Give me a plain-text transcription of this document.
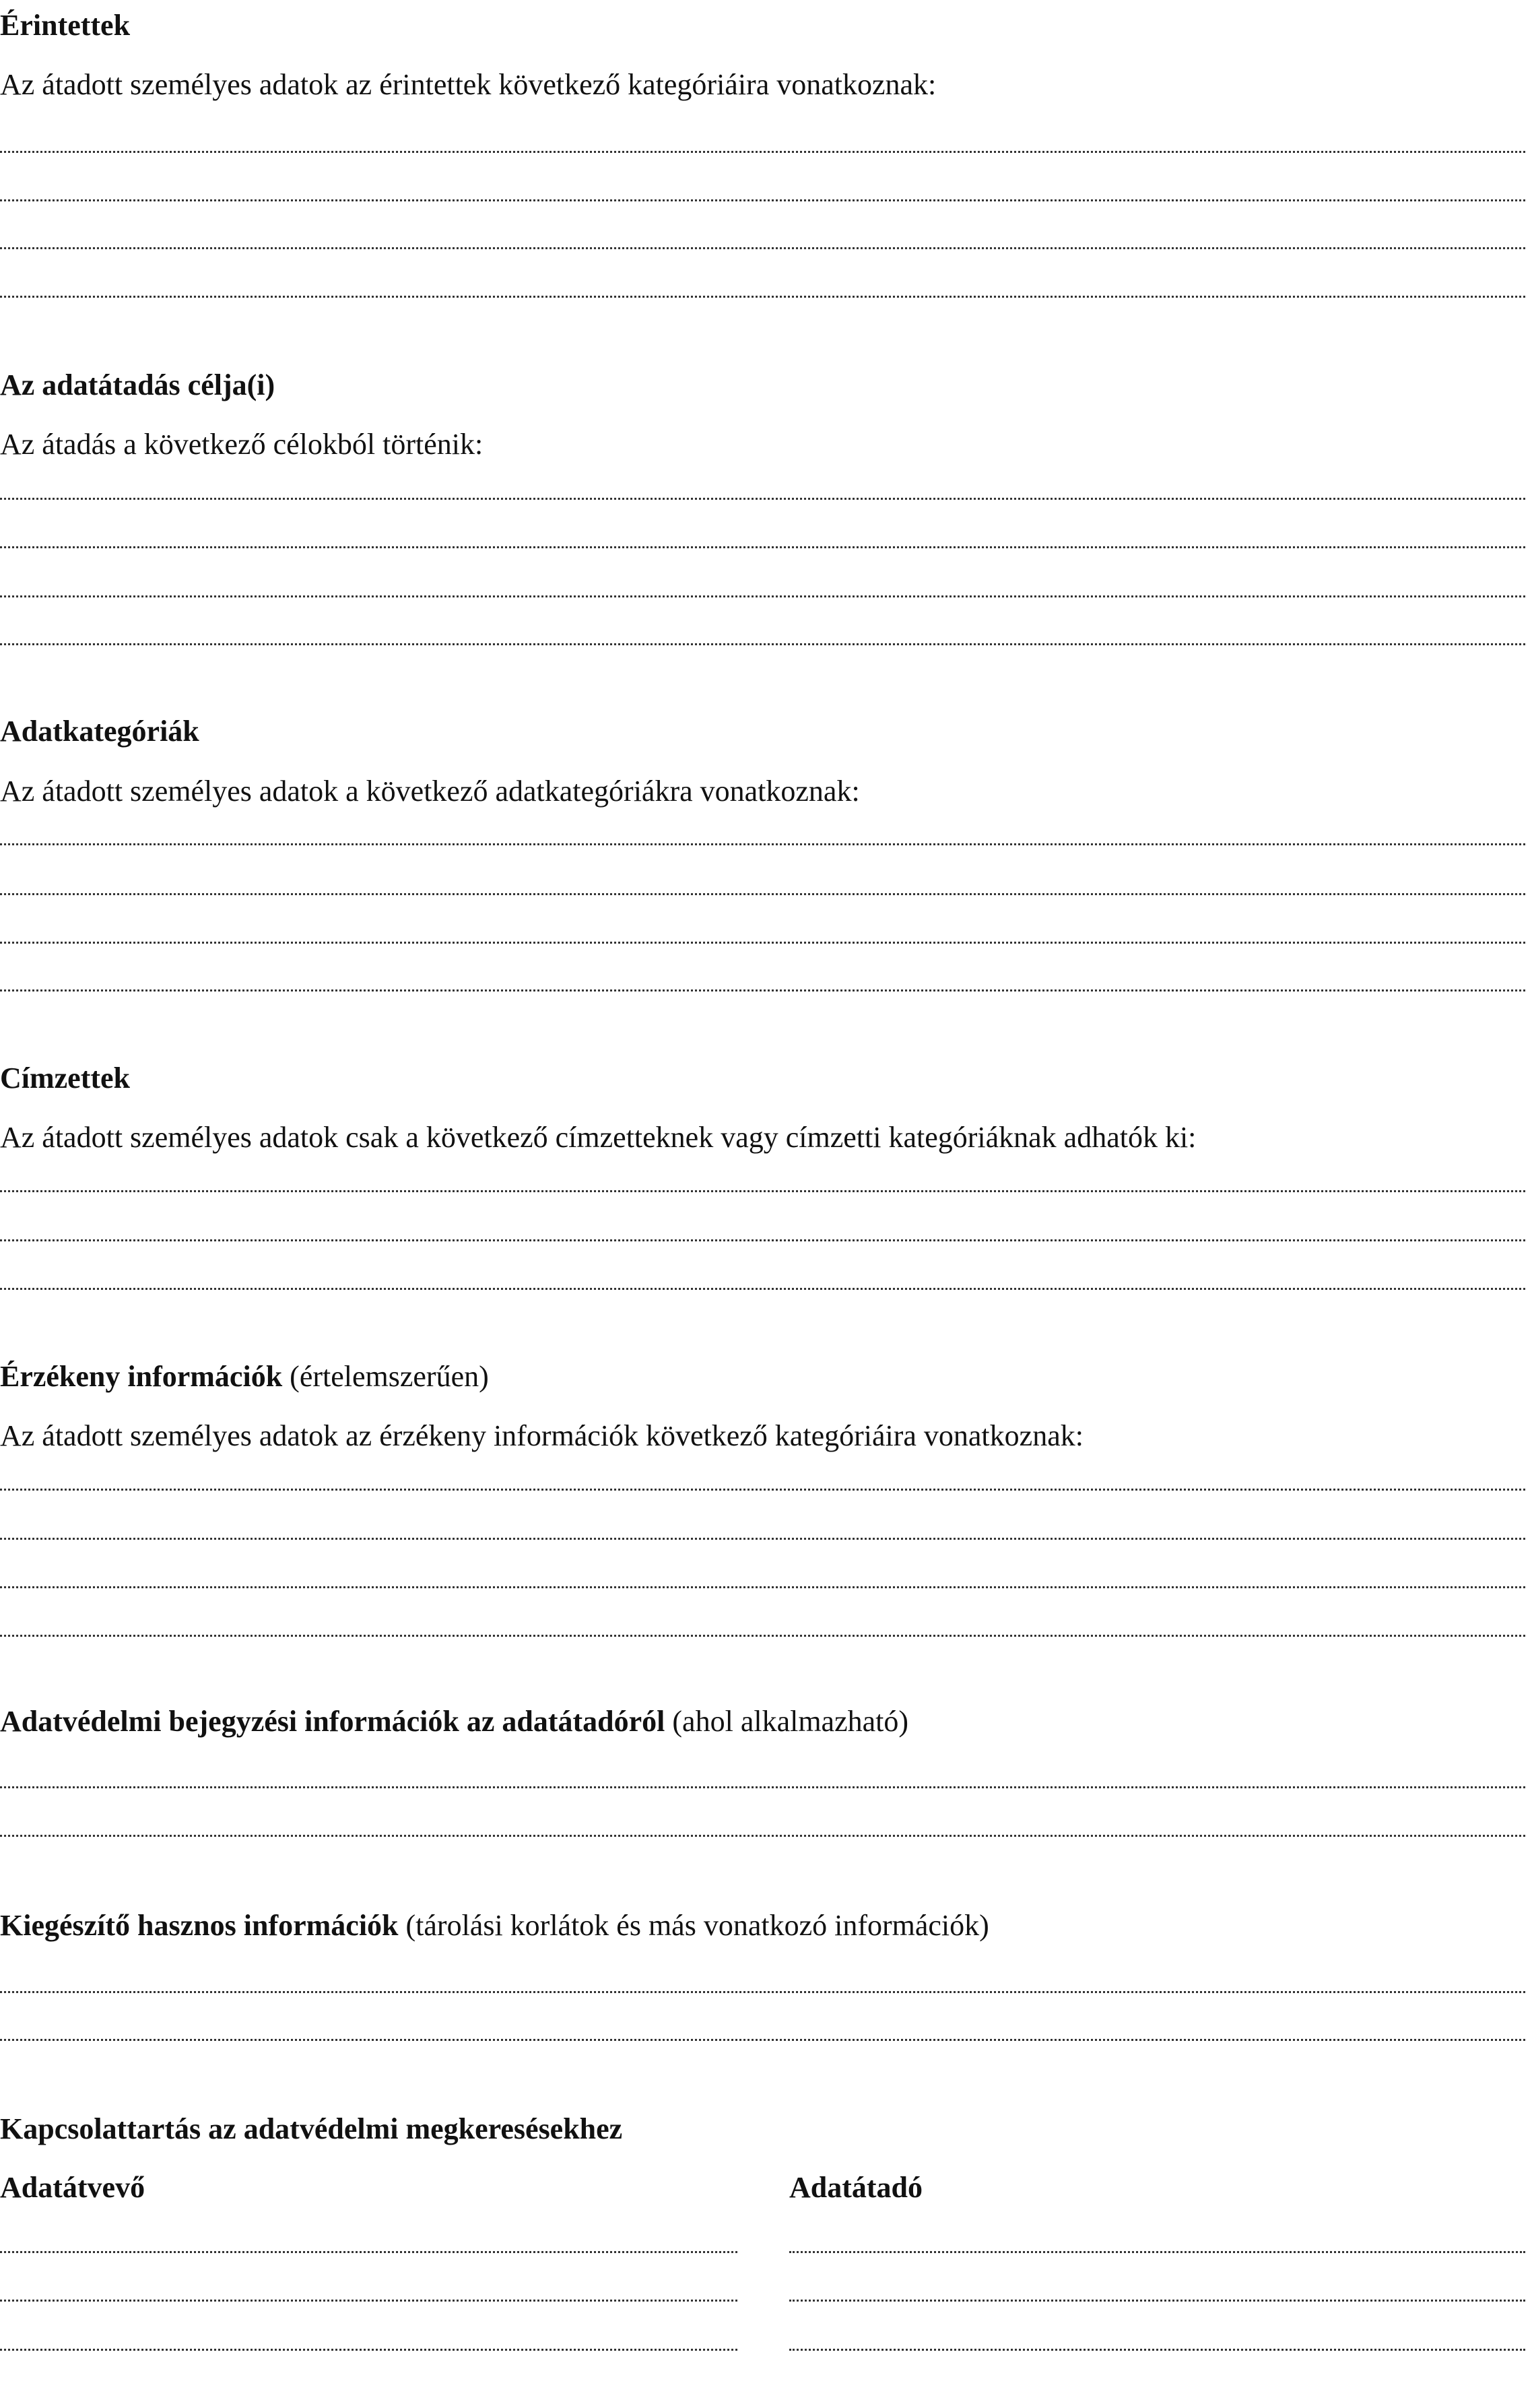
Érintettek

Az átadott személyes adatok az érintettek következő kategóriáira vonatkoznak:

Az adatátadás célja(i)

Az átadás a következő célokból történik:

Adatkategóriák

Az átadott személyes adatok a következő adatkategóriákra vonatkoznak:

Címzettek

Az átadott személyes adatok csak a következő címzetteknek vagy címzetti kategóriáknak adhatók ki:

Érzékeny információk (értelemszerűen)

Az átadott személyes adatok az érzékeny információk következő kategóriáira vonatkoznak:

Adatvédelmi bejegyzési információk az adatátadóról (ahol alkalmazható)

Kiegészítő hasznos információk (tárolási korlátok és más vonatkozó információk)

Kapcsolattartás az adatvédelmi megkeresésekhez

Adatátvevő	Adatátadó
